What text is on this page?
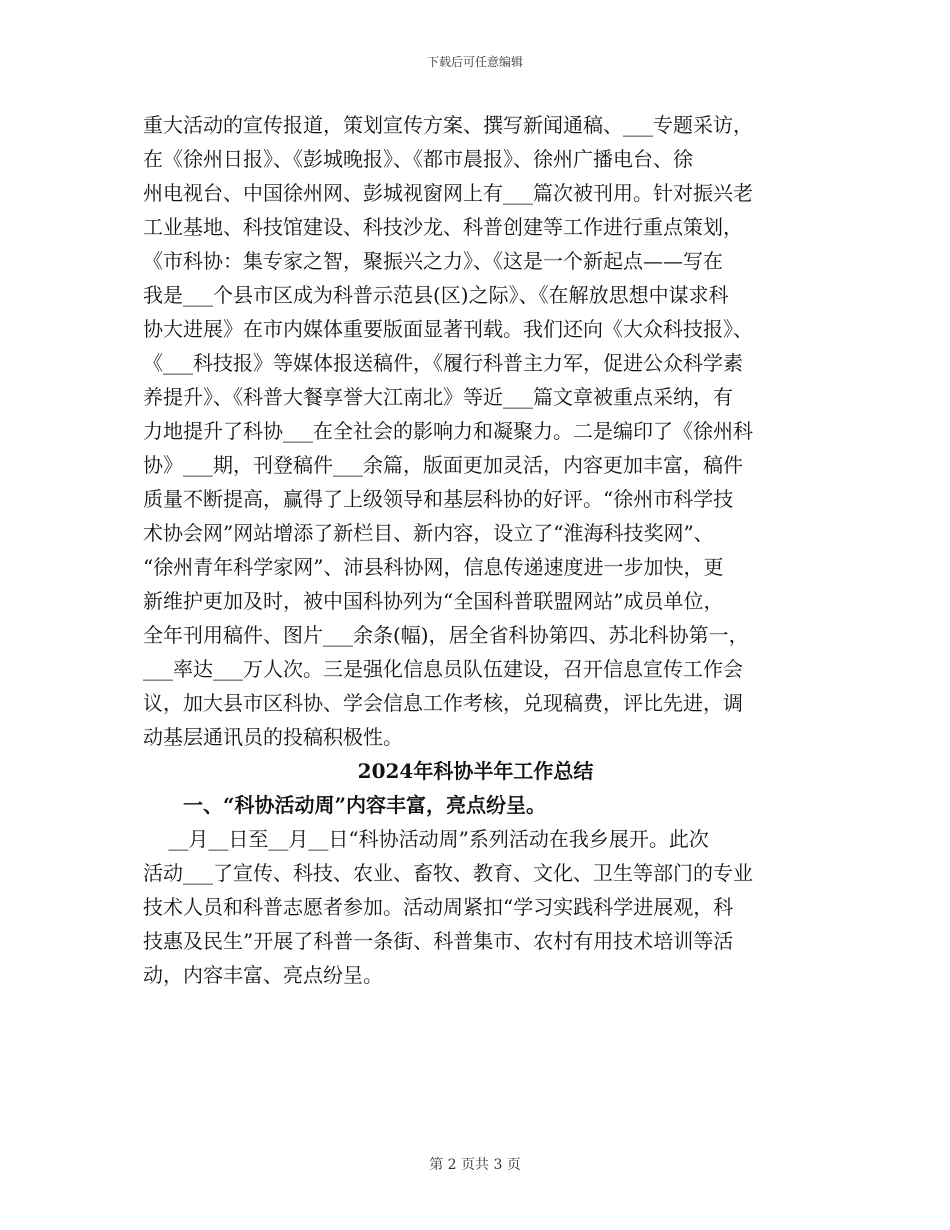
下载后可任意编辑
重大活动的宣传报道，策划宣传方案、撰写新闻通稿、___专题采访，
在《徐州日报》、《彭城晚报》、《都市晨报》、徐州广播电台、徐
州电视台、中国徐州网、彭城视窗网上有___篇次被刊用。针对振兴老
工业基地、科技馆建设、科技沙龙、科普创建等工作进行重点策划，
《市科协：集专家之智，聚振兴之力》、《这是一个新起点——写在
我是___个县市区成为科普示范县(区)之际》、《在解放思想中谋求科
协大进展》在市内媒体重要版面显著刊载。我们还向《大众科技报》、
《___科技报》等媒体报送稿件，《履行科普主力军，促进公众科学素
养提升》、《科普大餐享誉大江南北》等近___篇文章被重点采纳，有
力地提升了科协___在全社会的影响力和凝聚力。二是编印了《徐州科
协》___期，刊登稿件___余篇，版面更加灵活，内容更加丰富，稿件
质量不断提高，赢得了上级领导和基层科协的好评。“徐州市科学技
术协会网”网站增添了新栏目、新内容，设立了“淮海科技奖网”、
“徐州青年科学家网”、沛县科协网，信息传递速度进一步加快，更
新维护更加及时，被中国科协列为“全国科普联盟网站”成员单位，
全年刊用稿件、图片___余条(幅)，居全省科协第四、苏北科协第一，
___率达___万人次。三是强化信息员队伍建设，召开信息宣传工作会
议，加大县市区科协、学会信息工作考核，兑现稿费，评比先进，调
动基层通讯员的投稿积极性。
2024年科协半年工作总结
一、“科协活动周”内容丰富，亮点纷呈。
__月__日至__月__日“科协活动周”系列活动在我乡展开。此次
活动___了宣传、科技、农业、畜牧、教育、文化、卫生等部门的专业
技术人员和科普志愿者参加。活动周紧扣“学习实践科学进展观，科
技惠及民生”开展了科普一条街、科普集市、农村有用技术培训等活
动，内容丰富、亮点纷呈。
第 2 页共 3 页
